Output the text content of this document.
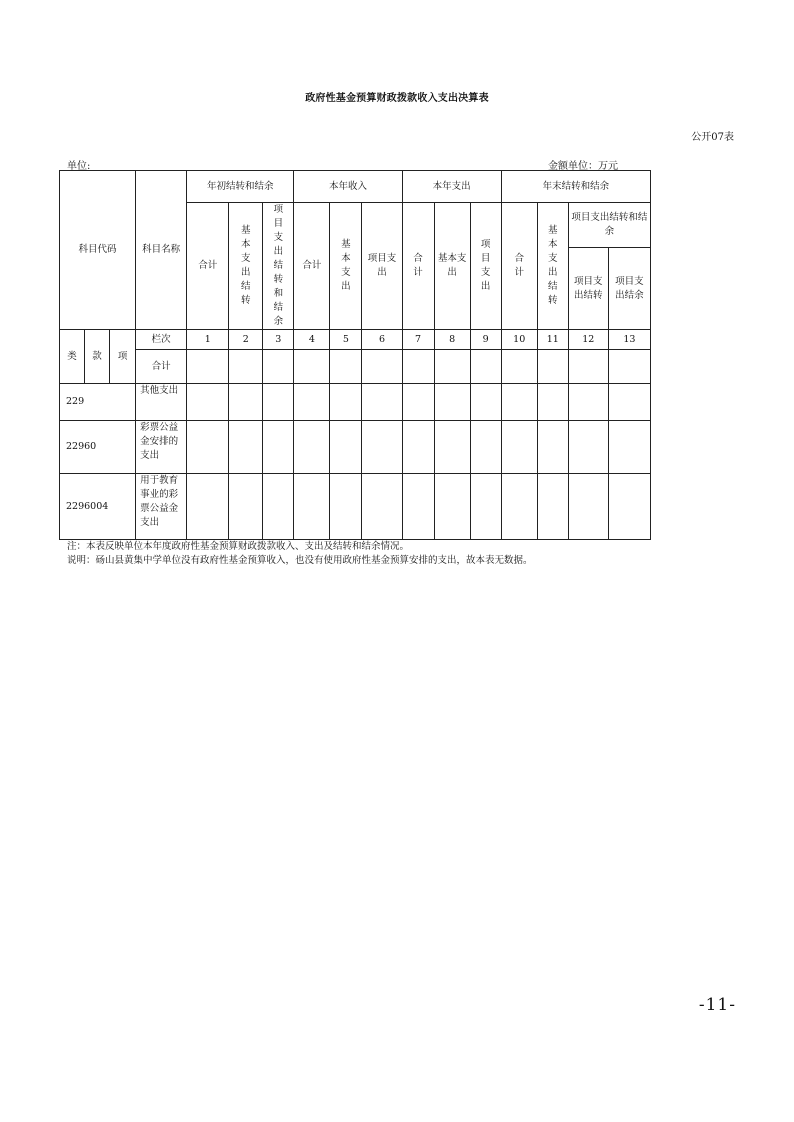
政府性基金预算财政拨款收入支出决算表
公开07表
单位:	金额单位：万元
科目代码			科目名称	年初结转和结余			本年收入			本年支出			年末结转和结余			
				合计	基本支出结转	项目支出结转和结余	合计	基本支出	项目支出	合计	基本支出	项目支出	合计	基本支出结转	项目支出结转和结余	
															项目支出结转	项目支出结余
类	款	项	栏次	1	2	3	4	5	6	7	8	9	10	11	12	13
			合计													
229			其他支出													
22960			彩票公益金安排的支出													
2296004			用于教育事业的彩票公益金支出													
注：本表反映单位本年度政府性基金预算财政拨款收入、支出及结转和结余情况。
说明：砀山县黄集中学单位没有政府性基金预算收入，也没有使用政府性基金预算安排的支出，故本表无数据。
-11-
